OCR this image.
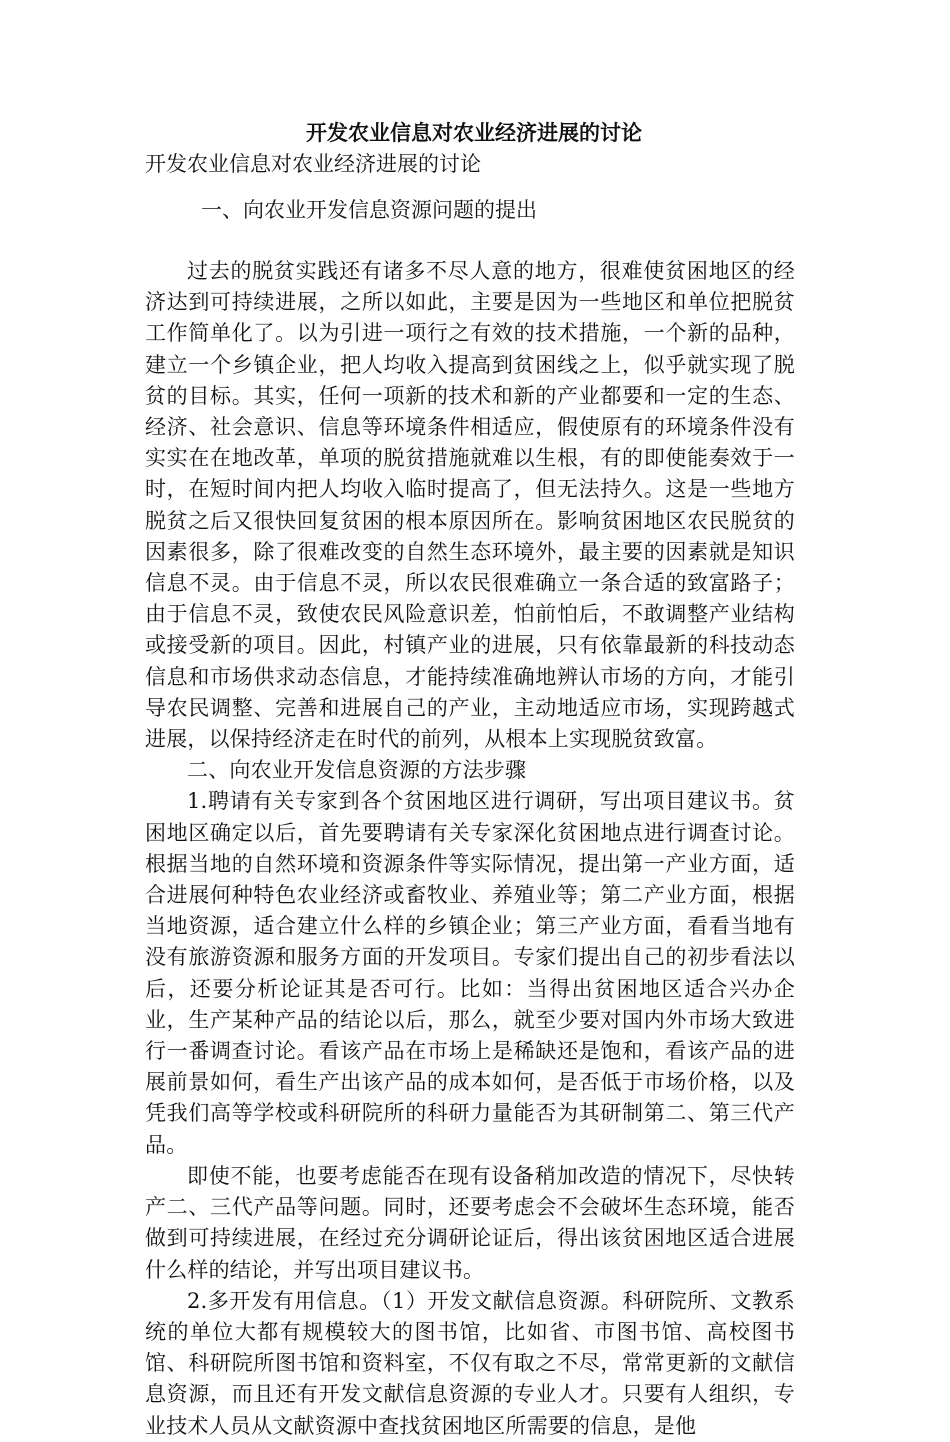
开发农业信息对农业经济进展的讨论

开发农业信息对农业经济进展的讨论

一、向农业开发信息资源问题的提出

过去的脱贫实践还有诸多不尽人意的地方，很难使贫困地区的经济达到可持续进展，之所以如此，主要是因为一些地区和单位把脱贫工作简单化了。以为引进一项行之有效的技术措施，一个新的品种，建立一个乡镇企业，把人均收入提高到贫困线之上，似乎就实现了脱贫的目标。其实，任何一项新的技术和新的产业都要和一定的生态、经济、社会意识、信息等环境条件相适应，假使原有的环境条件没有实实在在地改革，单项的脱贫措施就难以生根，有的即使能奏效于一时，在短时间内把人均收入临时提高了，但无法持久。这是一些地方脱贫之后又很快回复贫困的根本原因所在。影响贫困地区农民脱贫的因素很多，除了很难改变的自然生态环境外，最主要的因素就是知识信息不灵。由于信息不灵，所以农民很难确立一条合适的致富路子；由于信息不灵，致使农民风险意识差，怕前怕后，不敢调整产业结构或接受新的项目。因此，村镇产业的进展，只有依靠最新的科技动态信息和市场供求动态信息，才能持续准确地辨认市场的方向，才能引导农民调整、完善和进展自己的产业，主动地适应市场，实现跨越式进展，以保持经济走在时代的前列，从根本上实现脱贫致富。

二、向农业开发信息资源的方法步骤

1.聘请有关专家到各个贫困地区进行调研，写出项目建议书。贫困地区确定以后，首先要聘请有关专家深化贫困地点进行调查讨论。根据当地的自然环境和资源条件等实际情况，提出第一产业方面，适合进展何种特色农业经济或畜牧业、养殖业等；第二产业方面，根据当地资源，适合建立什么样的乡镇企业；第三产业方面，看看当地有没有旅游资源和服务方面的开发项目。专家们提出自己的初步看法以后，还要分析论证其是否可行。比如：当得出贫困地区适合兴办企业，生产某种产品的结论以后，那么，就至少要对国内外市场大致进行一番调查讨论。看该产品在市场上是稀缺还是饱和，看该产品的进展前景如何，看生产出该产品的成本如何，是否低于市场价格，以及凭我们高等学校或科研院所的科研力量能否为其研制第二、第三代产品。

即使不能，也要考虑能否在现有设备稍加改造的情况下，尽快转产二、三代产品等问题。同时，还要考虑会不会破坏生态环境，能否做到可持续进展，在经过充分调研论证后，得出该贫困地区适合进展什么样的结论，并写出项目建议书。

2.多开发有用信息。（1）开发文献信息资源。科研院所、文教系统的单位大都有规模较大的图书馆，比如省、市图书馆、高校图书馆、科研院所图书馆和资料室，不仅有取之不尽，常常更新的文献信息资源，而且还有开发文献信息资源的专业人才。只要有人组织，专业技术人员从文献资源中查找贫困地区所需要的信息，是他
